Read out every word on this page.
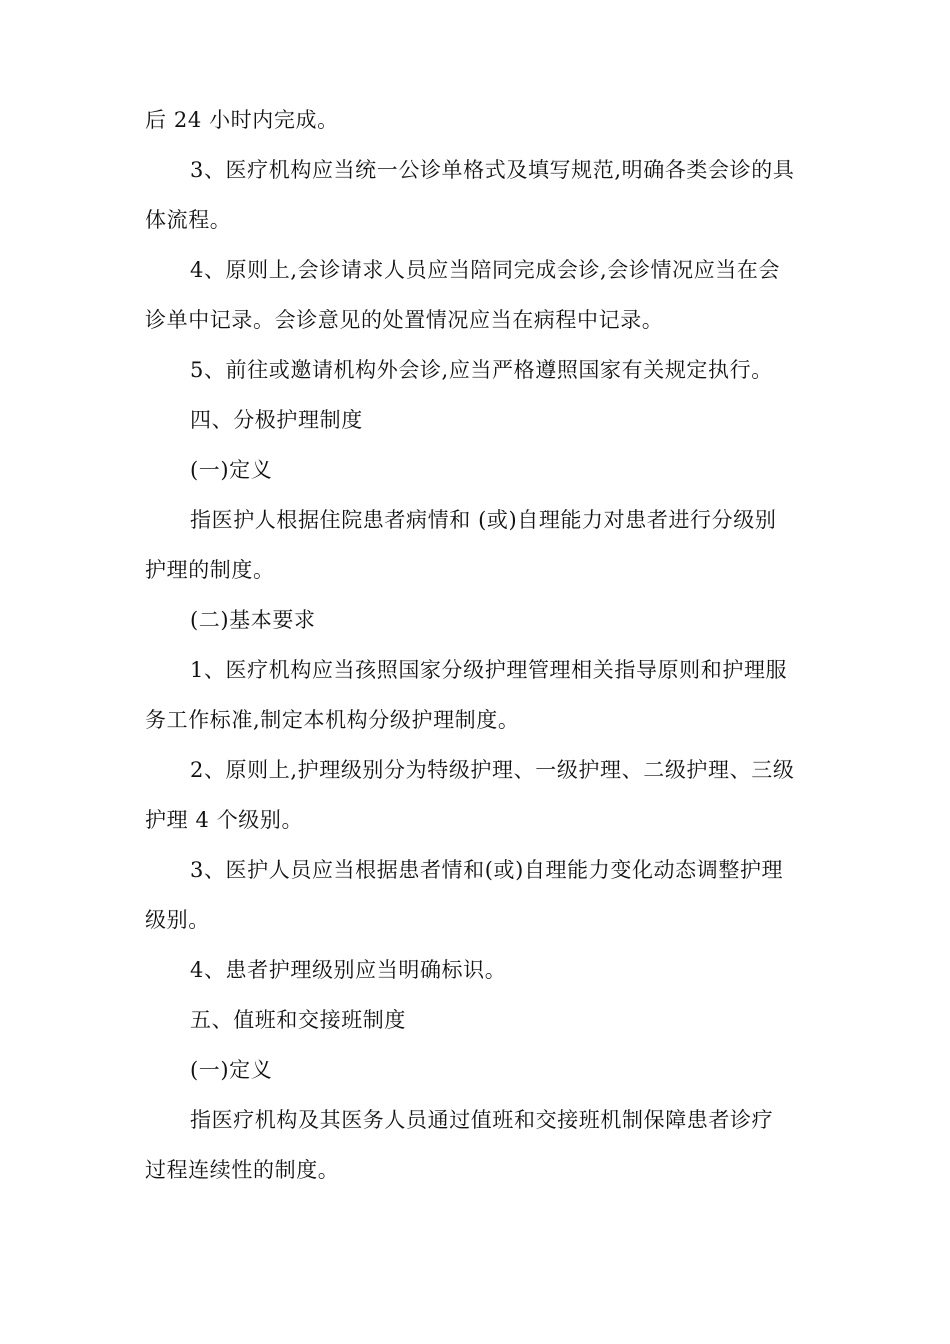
后 24 小时内完成。
3、医疗机构应当统一公诊单格式及填写规范,明确各类会诊的具
体流程。
4、原则上,会诊请求人员应当陪同完成会诊,会诊情况应当在会
诊单中记录。会诊意见的处置情况应当在病程中记录。
5、前往或邀请机构外会诊,应当严格遵照国家有关规定执行。
四、分极护理制度
(一)定义
指医护人根据住院患者病情和 (或)自理能力对患者进行分级别
护理的制度。
(二)基本要求
1、医疗机构应当孩照国家分级护理管理相关指导原则和护理服
务工作标准,制定本机构分级护理制度。
2、原则上,护理级别分为特级护理、一级护理、二级护理、三级
护理 4 个级别。
3、医护人员应当根据患者情和(或)自理能力变化动态调整护理
级别。
4、患者护理级别应当明确标识。
五、值班和交接班制度
(一)定义
指医疗机构及其医务人员通过值班和交接班机制保障患者诊疗
过程连续性的制度。
